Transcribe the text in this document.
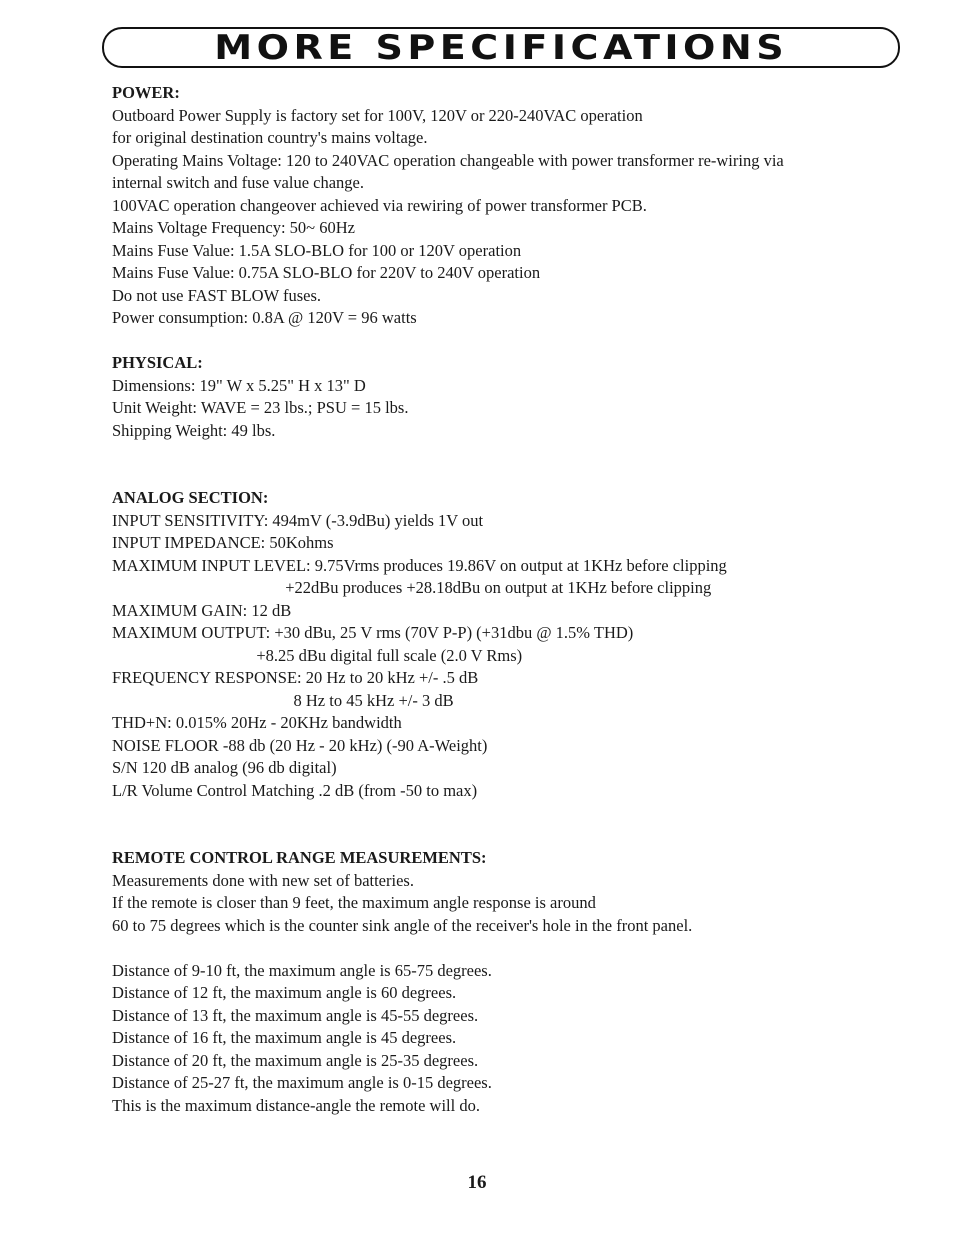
MORE SPECIFICATIONS
POWER:
Outboard Power Supply is factory set for 100V, 120V or 220-240VAC operation
for original destination country's mains voltage.
Operating Mains Voltage: 120 to 240VAC operation changeable with power transformer re-wiring via
internal switch and fuse value change.
100VAC operation changeover achieved via rewiring of power transformer PCB.
Mains Voltage Frequency: 50~ 60Hz
Mains Fuse Value: 1.5A SLO-BLO for 100 or 120V operation
Mains Fuse Value: 0.75A SLO-BLO for 220V to 240V operation
Do not use FAST BLOW fuses.
Power consumption: 0.8A @ 120V = 96 watts
PHYSICAL:
Dimensions: 19" W x 5.25" H x 13" D
Unit Weight: WAVE = 23 lbs.; PSU = 15 lbs.
Shipping Weight: 49 lbs.
ANALOG SECTION:
INPUT SENSITIVITY: 494mV (-3.9dBu) yields 1V out
INPUT IMPEDANCE: 50Kohms
MAXIMUM INPUT LEVEL: 9.75Vrms produces 19.86V on output at 1KHz before clipping
+22dBu produces +28.18dBu on output at 1KHz before clipping
MAXIMUM GAIN: 12 dB
MAXIMUM OUTPUT: +30 dBu, 25 V rms (70V P-P) (+31dbu @ 1.5% THD)
+8.25 dBu digital full scale (2.0 V Rms)
FREQUENCY RESPONSE: 20 Hz to 20 kHz +/- .5 dB
8 Hz to 45 kHz +/- 3 dB
THD+N: 0.015% 20Hz - 20KHz bandwidth
NOISE FLOOR -88 db (20 Hz - 20 kHz) (-90 A-Weight)
S/N 120 dB analog (96 db digital)
L/R Volume Control Matching .2 dB (from -50 to max)
REMOTE CONTROL RANGE MEASUREMENTS:
Measurements done with new set of batteries.
If the remote is closer than 9 feet, the maximum angle response is around
60 to 75 degrees which is the counter sink angle of the receiver's hole in the front panel.
Distance of 9-10 ft, the maximum angle is 65-75 degrees.
Distance of 12 ft, the maximum angle is 60 degrees.
Distance of 13 ft, the maximum angle is 45-55 degrees.
Distance of 16 ft, the maximum angle is 45 degrees.
Distance of 20 ft, the maximum angle is 25-35 degrees.
Distance of 25-27 ft, the maximum angle is 0-15 degrees.
This is the maximum distance-angle the remote will do.
16
